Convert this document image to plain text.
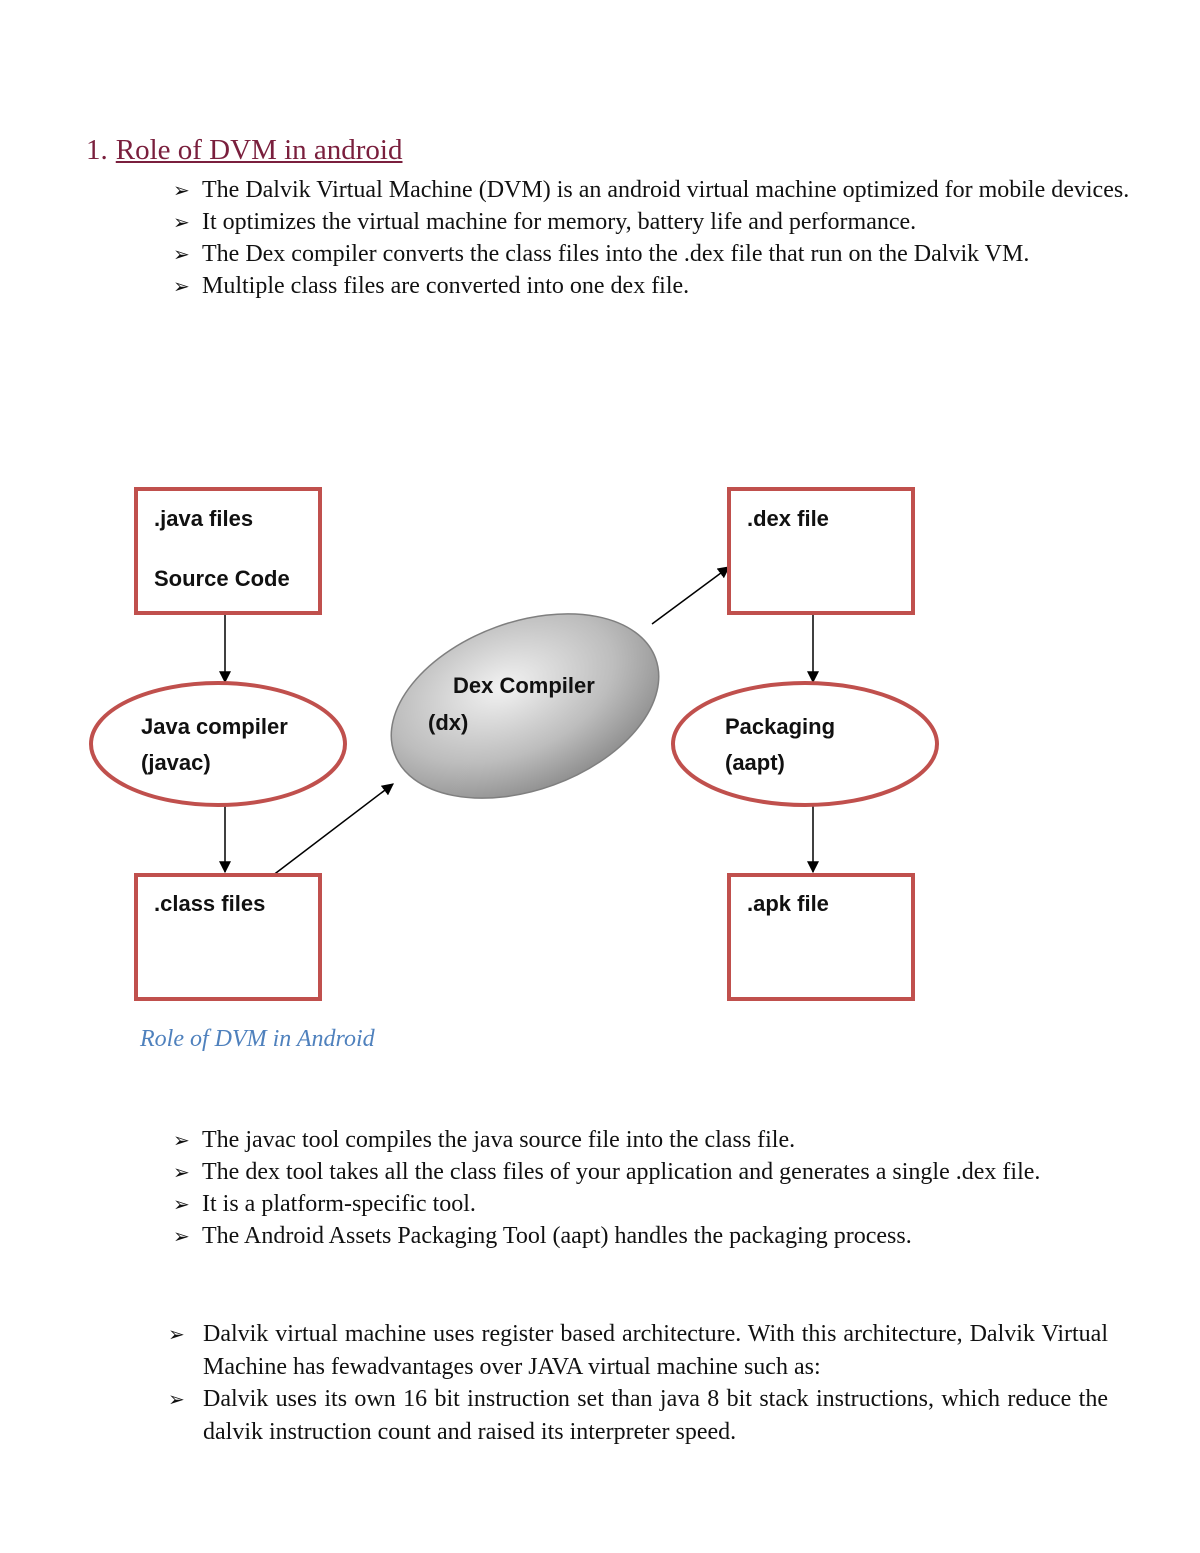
1. Role of DVM in android
➢ The Dalvik Virtual Machine (DVM) is an android virtual machine optimized for mobile devices.
➢ It optimizes the virtual machine for memory, battery life and performance.
➢ The Dex compiler converts the class files into the .dex file that run on the Dalvik VM.
➢ Multiple class files are converted into one dex file.
.java files
Source Code
Java compiler
(javac)
.class files
Dex Compiler
(dx)
.dex file
Packaging
(aapt)
.apk file
Role of DVM in Android
➢ The javac tool compiles the java source file into the class file.
➢ The dex tool takes all the class files of your application and generates a single .dex file.
➢ It is a platform-specific tool.
➢ The Android Assets Packaging Tool (aapt) handles the packaging process.
➢ Dalvik virtual machine uses register based architecture. With this architecture, Dalvik Virtual Machine has fewadvantages over JAVA virtual machine such as:
➢ Dalvik uses its own 16 bit instruction set than java 8 bit stack instructions, which reduce the dalvik instruction count and raised its interpreter speed.
